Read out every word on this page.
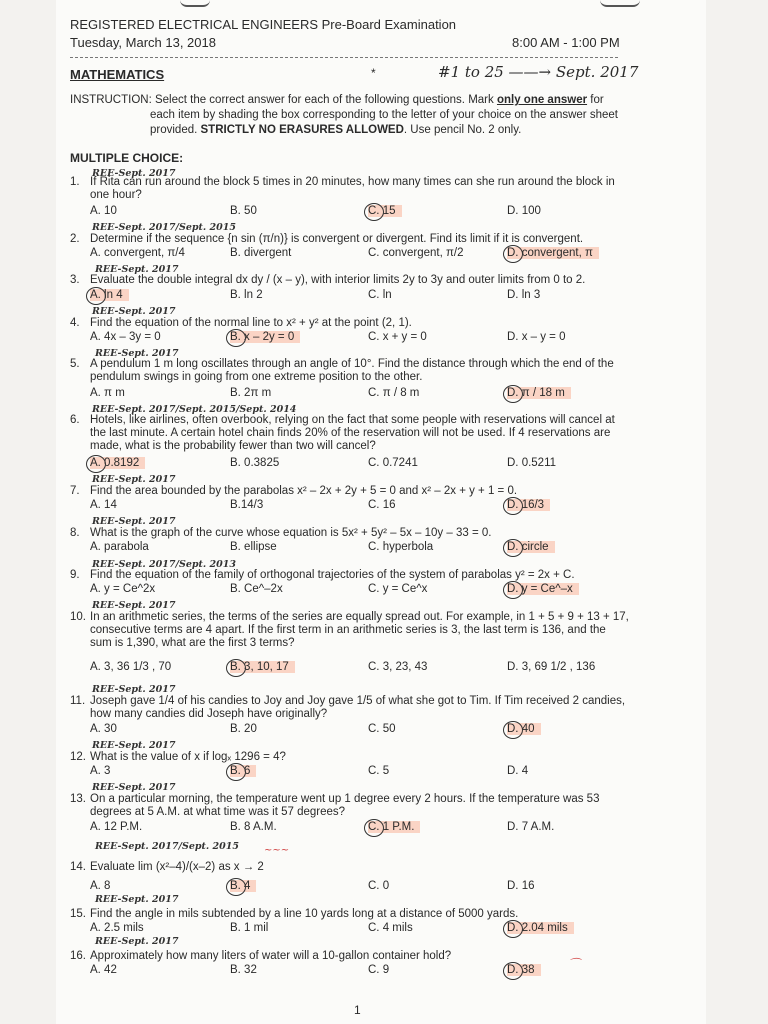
REGISTERED ELECTRICAL ENGINEERS Pre-Board Examination
Tuesday, March 13, 2018	8:00 AM - 1:00 PM
MATHEMATICS	*	#1 to 25 ——→ Sept. 2017
INSTRUCTION: Select the correct answer for each of the following questions. Mark only one answer for
each item by shading the box corresponding to the letter of your choice on the answer sheet
provided. STRICTLY NO ERASURES ALLOWED. Use pencil No. 2 only.
MULTIPLE CHOICE:
REE-Sept. 2017
1. If Rita can run around the block 5 times in 20 minutes, how many times can she run around the block in one hour?
A. 10	B. 50	C. 15	D. 100
REE-Sept. 2017/Sept. 2015
2. Determine if the sequence {n sin (π/n)} is convergent or divergent. Find its limit if it is convergent.
A. convergent, π/4	B. divergent	C. convergent, π/2	D. convergent, π
REE-Sept. 2017
3. Evaluate the double integral dx dy / (x – y), with interior limits 2y to 3y and outer limits from 0 to 2.
A. ln 4	B. ln 2	C. ln	D. ln 3
REE-Sept. 2017
4. Find the equation of the normal line to x² + y² at the point (2, 1).
A. 4x – 3y = 0	B. x – 2y = 0	C. x + y = 0	D. x – y = 0
REE-Sept. 2017
5. A pendulum 1 m long oscillates through an angle of 10°. Find the distance through which the end of the pendulum swings in going from one extreme position to the other.
A. π m	B. 2π m	C. π / 8 m	D. π / 18 m
REE-Sept. 2017/Sept. 2015/Sept. 2014
6. Hotels, like airlines, often overbook, relying on the fact that some people with reservations will cancel at the last minute. A certain hotel chain finds 20% of the reservation will not be used. If 4 reservations are made, what is the probability fewer than two will cancel?
A. 0.8192	B. 0.3825	C. 0.7241	D. 0.5211
REE-Sept. 2017
7. Find the area bounded by the parabolas x² – 2x + 2y + 5 = 0 and x² – 2x + y + 1 = 0.
A. 14	B.14/3	C. 16	D. 16/3
REE-Sept. 2017
8. What is the graph of the curve whose equation is 5x² + 5y² – 5x – 10y – 33 = 0.
A. parabola	B. ellipse	C. hyperbola	D. circle
REE-Sept. 2017/Sept. 2013
9. Find the equation of the family of orthogonal trajectories of the system of parabolas y² = 2x + C.
A. y = Ce^2x	B. Ce^–2x	C. y = Ce^x	D. y = Ce^–x
REE-Sept. 2017
10. In an arithmetic series, the terms of the series are equally spread out. For example, in 1 + 5 + 9 + 13 + 17, consecutive terms are 4 apart. If the first term in an arithmetic series is 3, the last term is 136, and the sum is 1,390, what are the first 3 terms?
A. 3, 36 1/3 , 70	B. 3, 10, 17	C. 3, 23, 43	D. 3, 69 1/2 , 136
REE-Sept. 2017
11. Joseph gave 1/4 of his candies to Joy and Joy gave 1/5 of what she got to Tim. If Tim received 2 candies, how many candies did Joseph have originally?
A. 30	B. 20	C. 50	D. 40
REE-Sept. 2017
12. What is the value of x if logₓ 1296 = 4?
A. 3	B. 6	C. 5	D. 4
REE-Sept. 2017
13. On a particular morning, the temperature went up 1 degree every 2 hours. If the temperature was 53 degrees at 5 A.M. at what time was it 57 degrees?
A. 12 P.M.	B. 8 A.M.	C. 1 P.M.	D. 7 A.M.
REE-Sept. 2017/Sept. 2015
14. Evaluate lim (x²–4)/(x–2) as x → 2
A. 8	B. 4	C. 0	D. 16
REE-Sept. 2017
15. Find the angle in mils subtended by a line 10 yards long at a distance of 5000 yards.
A. 2.5 mils	B. 1 mil	C. 4 mils	D. 2.04 mils
REE-Sept. 2017
16. Approximately how many liters of water will a 10-gallon container hold?
A. 42	B. 32	C. 9	D. 38
~~~
⌒
1
